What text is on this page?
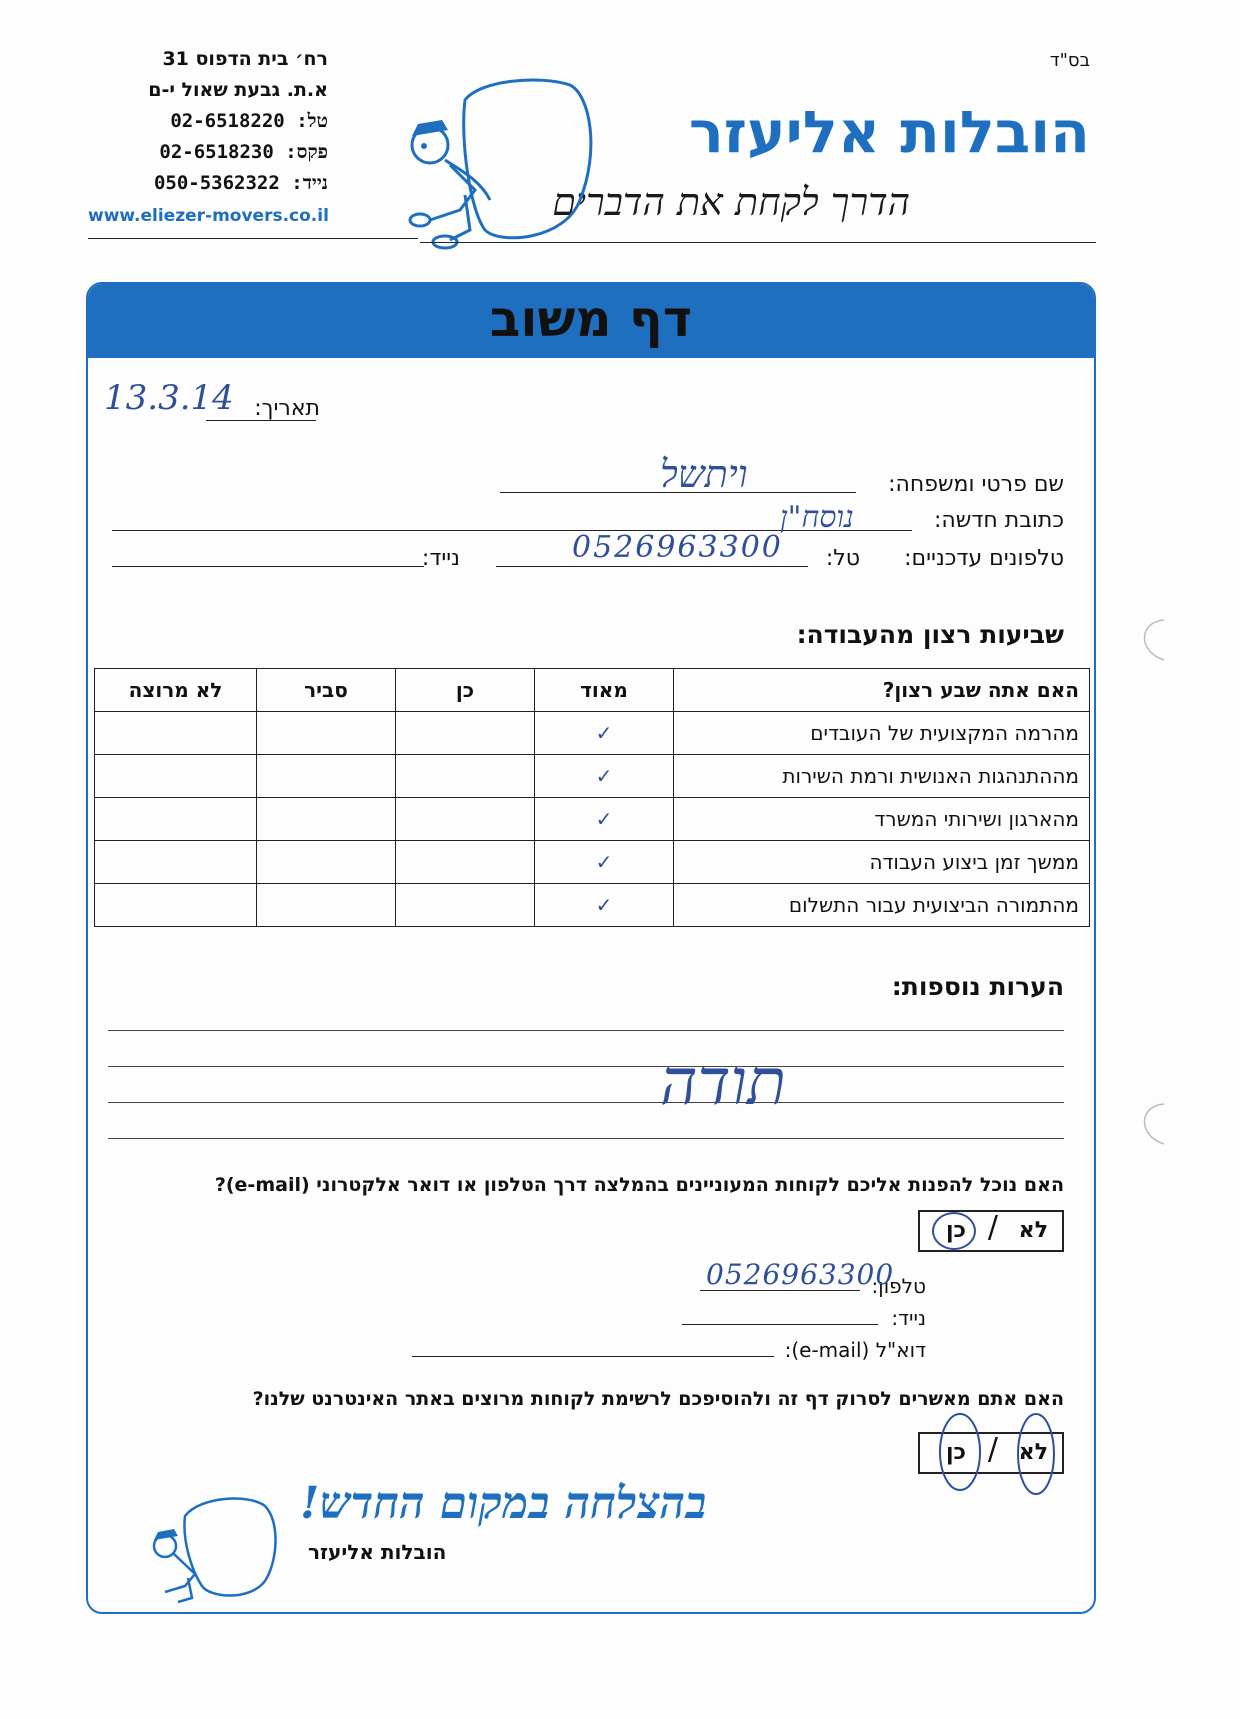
בס"ד
הובלות אליעזר
הדרך לקחת את הדברים
רח׳ בית הדפוס 31
א.ת. גבעת שאול י-ם
טל: 02-6518220
פקס: 02-6518230
נייד: 050-5362322
www.eliezer-movers.co.il
דף משוב
תאריך:
13.3.14
שם פרטי ומשפחה:
ויתשל
כתובת חדשה:
נוסח"ן
טלפונים עדכניים:
טל:
0526963300
נייד:
שביעות רצון מהעבודה:
האם אתה שבע רצון?	מאוד	כן	סביר	לא מרוצה
מהרמה המקצועית של העובדים	✓			
מההתנהגות האנושית ורמת השירות	✓			
מהארגון ושירותי המשרד	✓			
ממשך זמן ביצוע העבודה	✓			
מהתמורה הביצועית עבור התשלום	✓			
הערות נוספות:
תודה
האם נוכל להפנות אליכם לקוחות המעוניינים בהמלצה דרך הטלפון או דואר אלקטרוני (e-mail)?
לא
/
כן
טלפון:
0526963300
נייד:
דוא"ל (e-mail):
האם אתם מאשרים לסרוק דף זה ולהוסיפכם לרשימת לקוחות מרוצים באתר האינטרנט שלנו?
לא
/
כן
בהצלחה במקום החדש!
הובלות אליעזר
